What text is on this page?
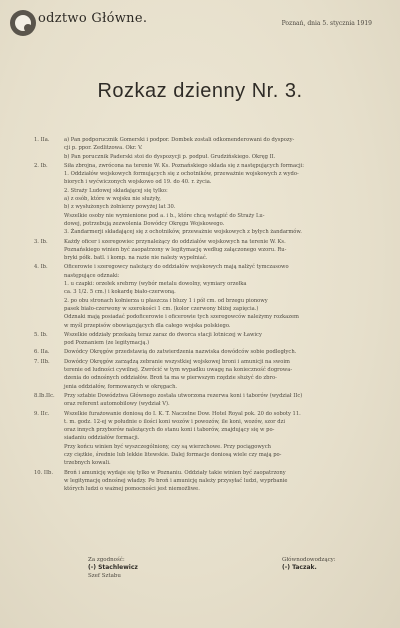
odztwo Główne.	Poznań, dnia 5. stycznia 1919
Rozkaz dzienny Nr. 3.
1. IIa.	a) Pan podporucznik Gomerski i podpor. Dombek zostali odkomenderowani do dyspozy-
cji p. ppor. Zedlitzowa. Okr. V.
b) Pan porucznik Paderski stoi do dyspozycji p. podpuł. Grudzińskiego. Okręg II.
2. Ib.	Siła zbrojna, zwrócona na terenie W. Ks. Poznańskiego składa się z następujących formacji:
1. Oddziałów wojskowych formujących się z ochotników, przeważnie wojskowych z wydo-
biorych i wyćwiczonych wojskowo od 19. do 40. r. życia.
2. Straży Ludowej składającej się tylko:
a) z osób, które w wojsku nie służyły,
b) z wysłużonych żołnierzy powyżej lat 30.
Wszelkie osoby nie wymienione pod a. i b., które chcą wstąpić do Straży Lu-
dowej, potrzebują zezwolenia Dowódcy Okręgu Wojskowego.
3. Żandarmerji składającej się z ochotników, przeważnie wojskowych z byłych żandarmów.
3. Ib.	Każdy oficer i szeregowiec przynależący do oddziałów wojskowych na terenie W. Ks.
Poznańskiego winien być zaopatrzony w legitymację według załączonego wzoru. Ru-
bryki półk. batl. i komp. na razie nie należy wypełniać.
4. Ib.	Oficerowie i szeregowcy należący do oddziałów wojskowych mają nalżyć tymczasowo
następujące odznaki:
1. u czapki: orzełek srebrny (wybór metalu dowolny, wymiary orzełka
ca. 3 1/2. 5 cm.) i kokardę biało-czerwoną.
2. po obu stronach kołnierza u płaszcza i bluzy 1 i pół cm. od brzegu pionowy
pasek biało-czerwony w szerokości 1 cm. (kolor czerwony bliżej zapięcia.)
Odznaki mają posiadać podoficerowie i oficerowie tych szeregowców należymy rozkazem
w myśl przepisów obowiązujących dla całego wojska polskiego.
5. Ib.	Wszelkie oddziały przekażą teraz zaraz do dworca stacji lotniczej w Ławicy
pod Poznaniem (ze legitymacją.)
6. IIa.	Dowódcy Okręgów przedstawią do zatwierdzenia nazwiska dowódców sobie podległych.
7. IIb.	Dowódcy Okręgów zarządzą zebranie wszystkiej wojskowej broni i amunicji na swoim
terenie od ludności cywilnej. Zwrócić w tym wypadku uwagę na konieczność dogrowa-
dzenia do odnośnych oddziałów. Broń ta ma w pierwszym rzędzie służyć do zbro-
jenia oddziałów, formowanych w okręgach.
8.Ib.IIc.	Przy sztabie Dowództwa Głównego została utworzona rezerwa koni i taborów (wydział IIc)
oraz referent automobilowy (wydział V).
9. IIc.	Wszelkie furażowanie doniosą do I. K. T. Naczelne Dow. Hotel Royal pok. 20 do soboty 11.
t. m. godz. 12-ej w południe o ilości koni wozów i powozów, ile koni, wozów, szor dzi
oraz innych przyborów należących do stanu koni i taborów, znajdujący się w po-
siadaniu oddziałów formacji.
Przy końcu winien być wyszczególniony, czy są wierzchowe. Przy pociągowych
czy ciężkie, średnie lub lekkie litewskie. Dalej formacje doniosą wiele czy mają po-
trzebnych kowali.
10. IIb.	Broń i amunicję wydaje się tylko w Poznaniu. Oddziały takie winien być zaopatrzony
w legitymację odnośnej władzy. Po broń i amunicję należy przysyłać ludzi, wyprbanie
których ludzi o ważnej pomocności jest niemożliwe.
Za zgodność:
(-) Stachlewicz
Szef Sztabu
Głównodowodzący:
(-) Taczak.
